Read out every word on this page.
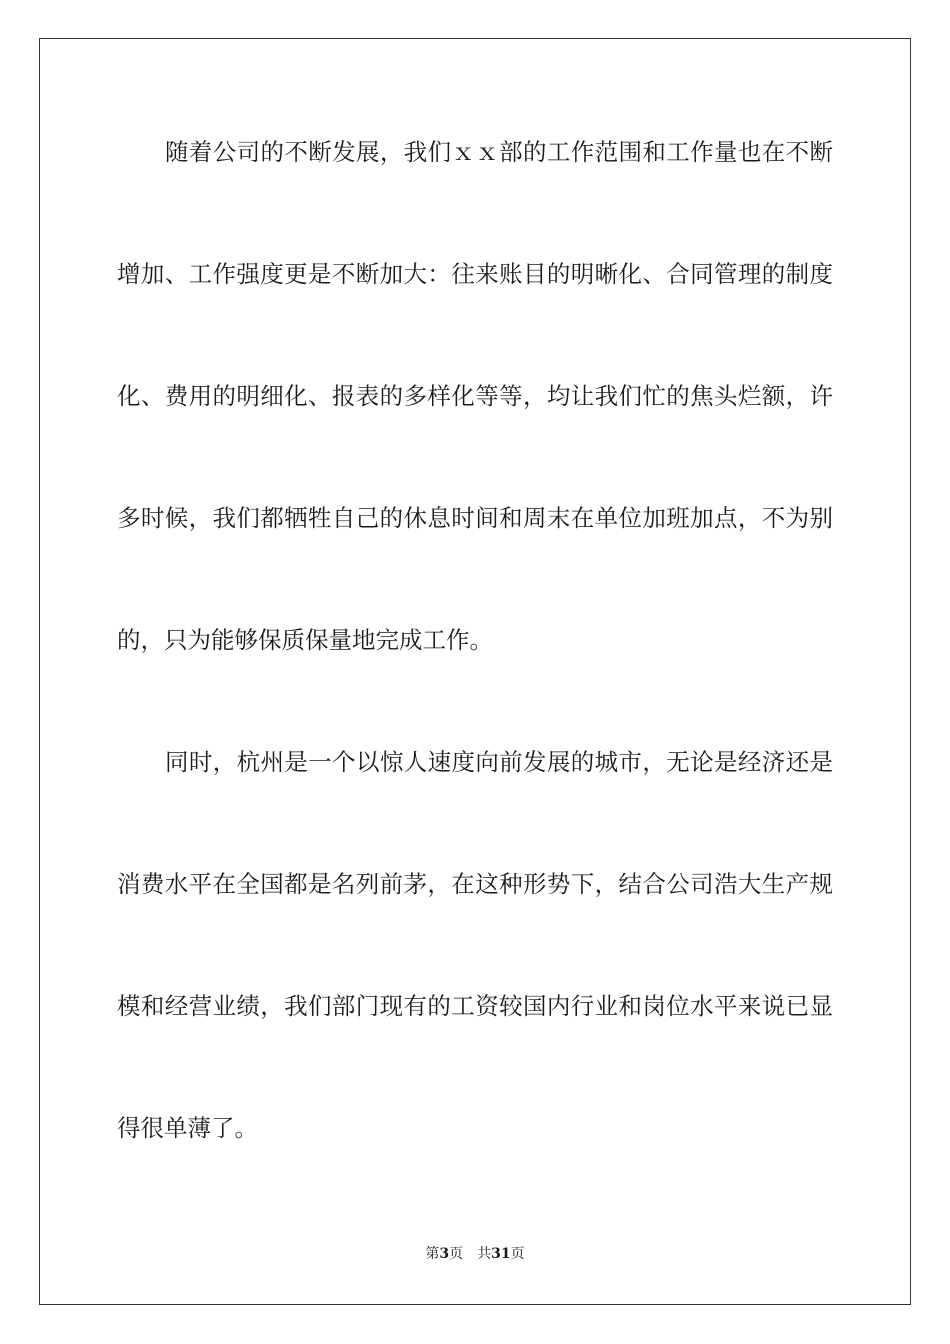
随着公司的不断发展，我们ｘｘ部的工作范围和工作量也在不断
增加、工作强度更是不断加大：往来账目的明晰化、合同管理的制度
化、费用的明细化、报表的多样化等等，均让我们忙的焦头烂额，许
多时候，我们都牺牲自己的休息时间和周末在单位加班加点，不为别
的，只为能够保质保量地完成工作。
同时，杭州是一个以惊人速度向前发展的城市，无论是经济还是
消费水平在全国都是名列前茅，在这种形势下，结合公司浩大生产规
模和经营业绩，我们部门现有的工资较国内行业和岗位水平来说已显
得很单薄了。
第3页 共31页
